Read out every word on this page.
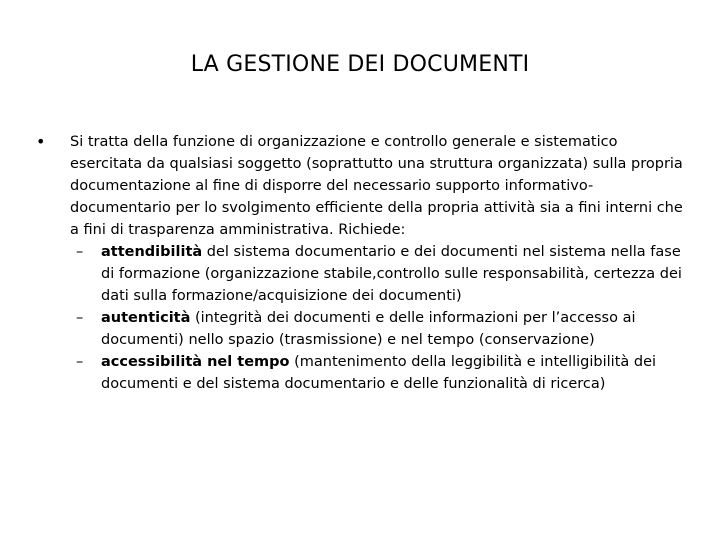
LA GESTIONE DEI DOCUMENTI
•	Si tratta della funzione di organizzazione e controllo generale e sistematico esercitata da qualsiasi soggetto (soprattutto una struttura organizzata) sulla propria documentazione al fine di disporre del necessario supporto informativo-documentario per lo svolgimento efficiente della propria attività sia a fini interni che a fini di trasparenza amministrativa. Richiede:
–	attendibilità del sistema documentario e dei documenti nel sistema nella fase di formazione (organizzazione stabile,controllo sulle responsabilità, certezza dei dati sulla formazione/acquisizione dei documenti)
–	autenticità (integrità dei documenti e delle informazioni per l’accesso ai documenti) nello spazio (trasmissione) e nel tempo (conservazione)
–	accessibilità nel tempo (mantenimento della leggibilità e intelligibilità dei documenti e del sistema documentario e delle funzionalità di ricerca)
